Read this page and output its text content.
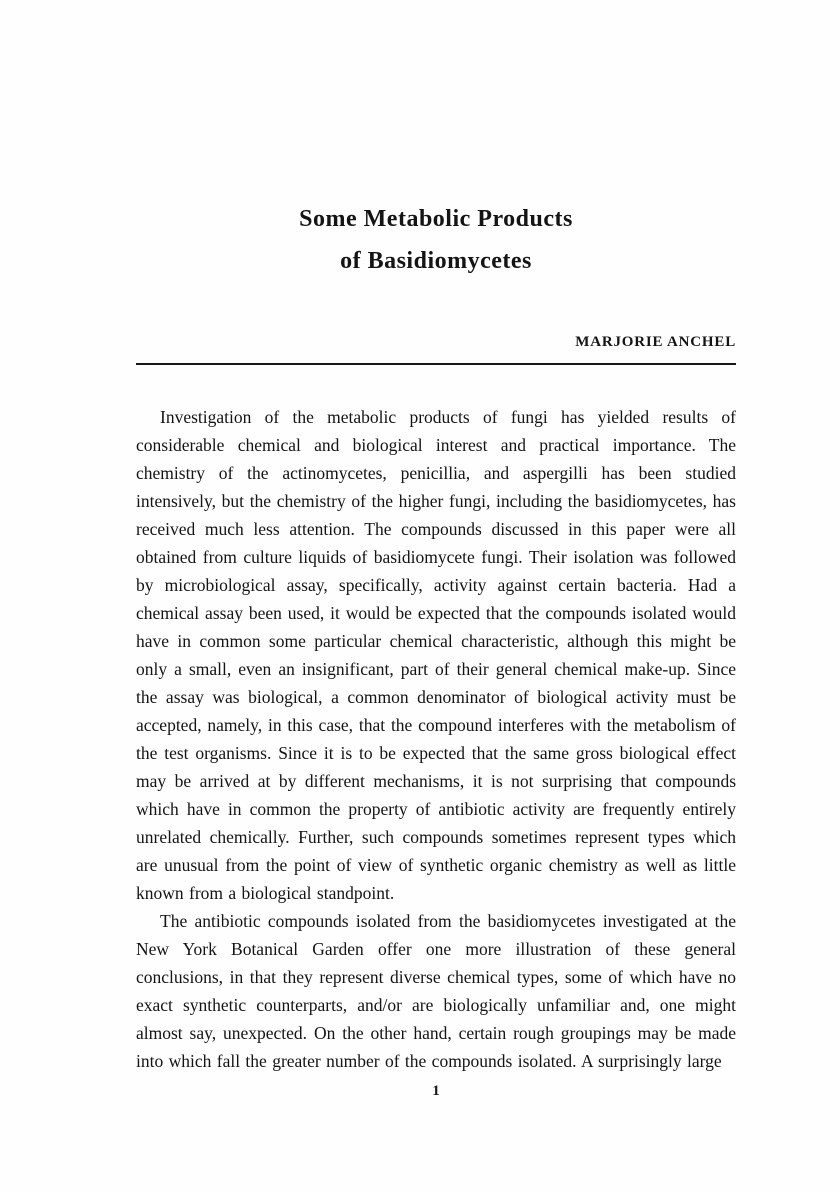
Some Metabolic Products
of Basidiomycetes
MARJORIE ANCHEL

Investigation of the metabolic products of fungi has yielded results of considerable chemical and biological interest and practical importance. The chemistry of the actinomycetes, penicillia, and aspergilli has been studied intensively, but the chemistry of the higher fungi, including the basidiomycetes, has received much less attention. The compounds discussed in this paper were all obtained from culture liquids of basidiomycete fungi. Their isolation was followed by microbiological assay, specifically, activity against certain bacteria. Had a chemical assay been used, it would be expected that the compounds isolated would have in common some particular chemical characteristic, although this might be only a small, even an insignificant, part of their general chemical make-up. Since the assay was biological, a common denominator of biological activity must be accepted, namely, in this case, that the compound interferes with the metabolism of the test organisms. Since it is to be expected that the same gross biological effect may be arrived at by different mechanisms, it is not surprising that compounds which have in common the property of antibiotic activity are frequently entirely unrelated chemically. Further, such compounds sometimes represent types which are unusual from the point of view of synthetic organic chemistry as well as little known from a biological standpoint.

The antibiotic compounds isolated from the basidiomycetes investigated at the New York Botanical Garden offer one more illustration of these general conclusions, in that they represent diverse chemical types, some of which have no exact synthetic counterparts, and/or are biologically unfamiliar and, one might almost say, unexpected. On the other hand, certain rough groupings may be made into which fall the greater number of the compounds isolated. A surprisingly large

1
